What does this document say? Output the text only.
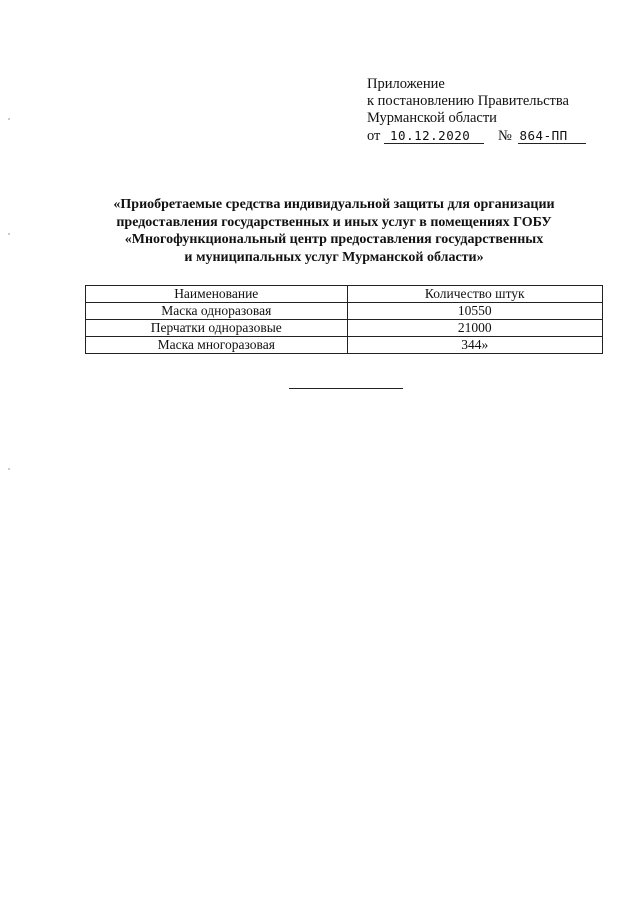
Приложение
к постановлению Правительства
Мурманской области
от 10.12.2020 № 864-ПП
«Приобретаемые средства индивидуальной защиты для организации
предоставления государственных и иных услуг в помещениях ГОБУ
«Многофункциональный центр предоставления государственных
и муниципальных услуг Мурманской области»
Наименование	Количество штук
Маска одноразовая	10550
Перчатки одноразовые	21000
Маска многоразовая	344»
